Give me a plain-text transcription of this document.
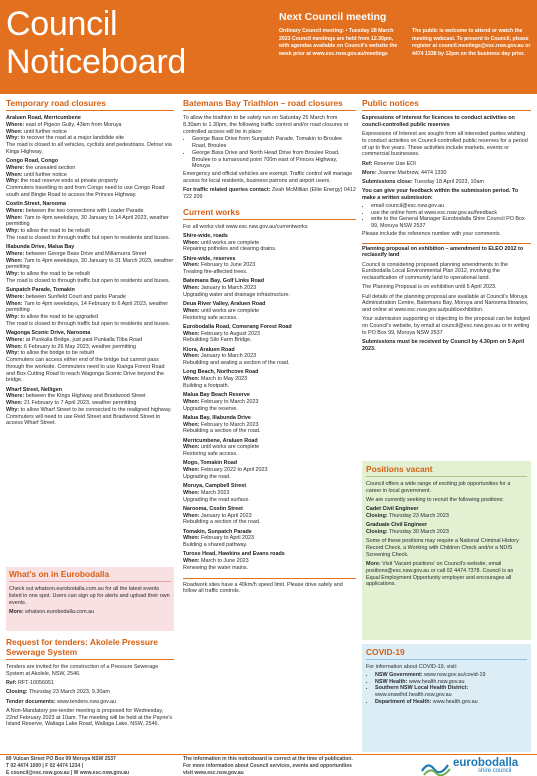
Council
Noticeboard
Next Council meeting
Ordinary Council meeting: • Tuesday 28 March 2023 Council meetings are held from 12.30pm, with agendas available on Council's website the week prior at www.esc.nsw.gov.au/meetings
The public is welcome to attend or watch the meeting webcast. To present to Council, please register at council.meetings@esc.nsw.gov.au or 4474 1338 by 12pm on the business day prior.
Temporary road closures
Araluen Road, Merricumbene
Where: east of Pigeon Gully, 43km from Moruya
When: until further notice
Why: to recover the road at a major landslide site
The road is closed to all vehicles, cyclists and pedestrians. Detour via Kings Highway.
Congo Road, Congo
Where: the unsealed section
When: until further notice
Why: the road reserve ends at private property
Commuters travelling to and from Congo need to use Congo Road south and Bingie Road to access the Princes Highway.
Costin Street, Narooma
Where: between the two connections with Loader Parade
When: 7am to 4pm weekdays, 30 January to 14 April 2023, weather permitting
Why: to allow the road to be rebuilt
The road is closed to through traffic but open to residents and buses.
Illabunda Drive, Malua Bay
Where: between George Bass Drive and Millamurra Street
When: 7am to 4pm weekdays, 30 January to 31 March 2023, weather permitting
Why: to allow the road to be rebuilt
The road is closed to through traffic but open to residents and buses.
Sunpatch Parade, Tomakin
Where: between Sunfield Court and parks Parade
When: 7am to 4pm weekdays, 14 February to 6 April 2023, weather permitting
Why: to allow the road to be upgraded
The road is closed to through traffic but open to residents and buses.
Wagonga Scenic Drive, Narooma
Where: at Punkalla Bridge, just past Punkalla Tilba Road
When: 6 February to 26 May 2023, weather permitting
Why: to allow the bridge to be rebuilt
Commuters can access either end of the bridge but cannot pass through the worksite. Commuters need to use Kianga Forest Road and Box Cutting Road to reach Wagonga Scenic Drive beyond the bridge.
Wharf Street, Nelligen
Where: between the Kings Highway and Braidwood Street
When: 21 February to 7 April 2023, weather permitting
Why: to allow Wharf Street to be connected to the realigned highway.
Commuters will need to use Reid Street and Braidwood Street to access Wharf Street.
What's on in Eurobodalla
Check out whatson.eurobodalla.com.au for all the latest events listed in one spot. Users can sign up for alerts and upload their own events.
More: whatson.eurobodalla.com.au
Request for tenders: Akolele Pressure Sewerage System
Tenders are invited for the construction of a Pressure Sewerage System at Akolele, NSW, 2546.
Ref: RFT-10056051
Closing: Thursday 23 March 2023, 9.30am
Tender documents: www.tenders.nsw.gov.au
A Non-Mandatory pre-tender meeting is proposed for Wednesday, 22nd February 2023 at 10am. The meeting will be held at the Payne's Island Reserve, Wallaga Lake Road, Wallaga Lake, NSW, 2546.
Batemans Bay Triathlon – road closures
To allow the triathlon to be safely run on Saturday 25 March from 8.30am to 1.30pm, the following traffic control and/or road closures or controlled access will be in place:
• George Bass Drive from Sunpatch Parade, Tomakin to Broulee Road, Broulee
• George Bass Drive and North Head Drive from Broulee Road, Broulee to a turnaround point 700m east of Princes Highway, Moruya
Emergency and official vehicles are exempt. Traffic control will manage access for local residents, business patrons and airport users.
For traffic related queries contact: Zeah McMillian (Elite Energy) 0412 722 209
Current works
For all works visit www.esc.nsw.gov.au/currentworks
Shire-wide, roads
When: until works are complete
Repairing potholes and clearing drains.
Shire-wide, reserves
When: February to June 2023
Treating fire-affected trees.
Batemans Bay, Golf Links Road
When: January to March 2023
Upgrading water and drainage infrastructure.
Deua River Valley, Araluen Road
When: until works are complete
Restoring safe access.
Eurobodalla Road, Comerang Forest Road
When: February to August 2023
Rebuilding Silo Farm Bridge.
Kiora, Araluen Road
When: January to March 2023
Rebuilding and sealing a section of the road.
Long Beach, Northcove Road
When: March to May 2023
Building a footpath.
Malua Bay Beach Reserve
When: February to March 2023
Upgrading the reserve.
Malua Bay, Illabunda Drive
When: February to March 2023
Rebuilding a section of the road.
Merricumbene, Araluen Road
When: until works are complete
Restoring safe access.
Mogo, Tomakin Road
When: February 2022 to April 2023
Upgrading the road.
Moruya, Campbell Street
When: March 2023
Upgrading the road surface.
Narooma, Costin Street
When: January to April 2023
Rebuilding a section of the road.
Tomakin, Sunpatch Parade
When: February to April 2023
Building a shared pathway.
Tuross Head, Hawkins and Evans roads
When: March to June 2023
Renewing the water mains.
Roadwork sites have a 40km/h speed limit. Please drive safely and follow all traffic controls.
Public notices
Expressions of interest for licences to conduct activities on council-controlled public reserves
Expressions of Interest are sought from all interested parties wishing to conduct activities on Council-controlled public reserves for a period of up to five years. These activities include markets, events or commercial businesses.
Ref: Reserve Use EOI
More: Joanne Marbrow, 4474 1330
Submissions close: Tuesday 18 April 2023, 10am
You can give your feedback within the submission period. To make a written submission:
• email council@esc.nsw.gov.au
• use the online form at www.esc.nsw.gov.au/feedback
• write to the General Manager Eurobodalla Shire Council PO Box 99, Moruya NSW 2537
Please include the reference number with your comments.
Planning proposal on exhibition – amendment to ELEO 2012 to reclassify land
Council is considering proposed planning amendments to the Eurobodalla Local Environmental Plan 2012, involving the reclassification of community land to operational land.
The Planning Proposal is on exhibition until 5 April 2023.
Full details of the planning proposal are available at Council's Moruya Administration Centre, Batemans Bay, Moruya and Narooma libraries, and online at www.esc.nsw.gov.au/publicexhibition.
Your submission supporting or objecting to the proposal can be lodged on Council's website, by email at council@esc.nsw.gov.au or in writing to PO Box 99, Moruya NSW 2537
Submissions must be received by Council by 4.30pm on 5 April 2023.
Positions vacant
Council offers a wide range of exciting job opportunities for a career in local government.
We are currently seeking to recruit the following positions:
Cadet Civil Engineer
Closing: Thursday 23 March 2023
Graduate Civil Engineer
Closing: Thursday 30 March 2023
Some of these positions may require a National Criminal History Record Check, a Working with Children Check and/or a NDIS Screening Check.
More: Visit 'Vacant positions' on Council's website, email positions@esc.nsw.gov.au or call 02 4474 7378. Council is an Equal Employment Opportunity employer and encourages all applications.
COVID-19
For information about COVID-19, visit:
• NSW Government: www.nsw.gov.au/covid-19
• NSW Health: www.health.nsw.gov.au
• Southern NSW Local Health District: www.snswlhd.health.nsw.gov.au
• Department of Health: www.health.gov.au
89 Vulcan Street PO Box 99 Moruya NSW 2537
T 02 4474 1000 | F 02 4474 1234 |
E council@esc.nsw.gov.au | W www.esc.nsw.gov.au
The information in this noticeboard is correct at the time of publication. For more information about Council services, events and opportunities visit www.esc.nsw.gov.au
eurobodalla
shire council
